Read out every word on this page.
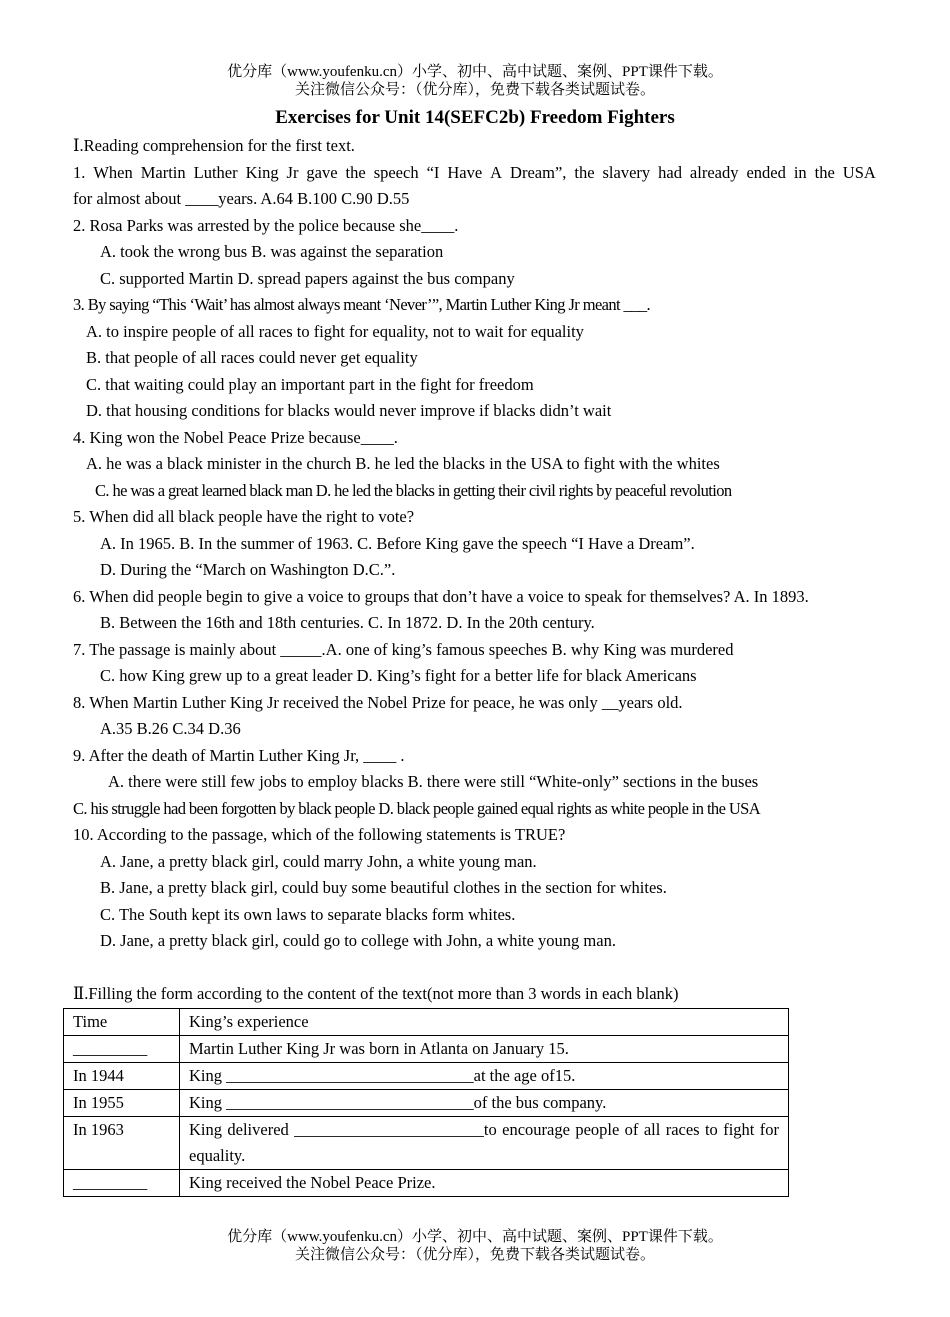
优分库（www.youfenku.cn）小学、初中、高中试题、案例、PPT课件下载。
关注微信公众号：（优分库），免费下载各类试题试卷。
Exercises for Unit 14(SEFC2b) Freedom Fighters
Ⅰ.Reading comprehension for the first text.
1. When Martin Luther King Jr gave the speech “I Have A Dream”, the slavery had already ended in the USA
for almost about ____years. A.64 B.100 C.90 D.55
2. Rosa Parks was arrested by the police because she____.
A. took the wrong bus B. was against the separation
C. supported Martin D. spread papers against the bus company
3. By saying “This ‘Wait’ has almost always meant ‘Never’”, Martin Luther King Jr meant ___.
A. to inspire people of all races to fight for equality, not to wait for equality
B. that people of all races could never get equality
C. that waiting could play an important part in the fight for freedom
D. that housing conditions for blacks would never improve if blacks didn’t wait
4. King won the Nobel Peace Prize because____.
A. he was a black minister in the church B. he led the blacks in the USA to fight with the whites
C. he was a great learned black man D. he led the blacks in getting their civil rights by peaceful revolution
5. When did all black people have the right to vote?
A. In 1965. B. In the summer of 1963. C. Before King gave the speech “I Have a Dream”.
D. During the “March on Washington D.C.”.
6. When did people begin to give a voice to groups that don’t have a voice to speak for themselves? A. In 1893.
B. Between the 16th and 18th centuries. C. In 1872. D. In the 20th century.
7. The passage is mainly about _____.A. one of king’s famous speeches B. why King was murdered
C. how King grew up to a great leader D. King’s fight for a better life for black Americans
8. When Martin Luther King Jr received the Nobel Prize for peace, he was only __years old.
A.35 B.26 C.34 D.36
9. After the death of Martin Luther King Jr, ____ .
A. there were still few jobs to employ blacks B. there were still “White-only” sections in the buses
C. his struggle had been forgotten by black people D. black people gained equal rights as white people in the USA
10. According to the passage, which of the following statements is TRUE?
A. Jane, a pretty black girl, could marry John, a white young man.
B. Jane, a pretty black girl, could buy some beautiful clothes in the section for whites.
C. The South kept its own laws to separate blacks form whites.
D. Jane, a pretty black girl, could go to college with John, a white young man.
Ⅱ.Filling the form according to the content of the text(not more than 3 words in each blank)
Time	King’s experience
_________	Martin Luther King Jr was born in Atlanta on January 15.
In 1944	King ______________________________at the age of15.
In 1955	King ______________________________of the bus company.
In 1963	King delivered _______________________to encourage people of all races to fight for equality.
_________	King received the Nobel Peace Prize.
优分库（www.youfenku.cn）小学、初中、高中试题、案例、PPT课件下载。
关注微信公众号：（优分库），免费下载各类试题试卷。
